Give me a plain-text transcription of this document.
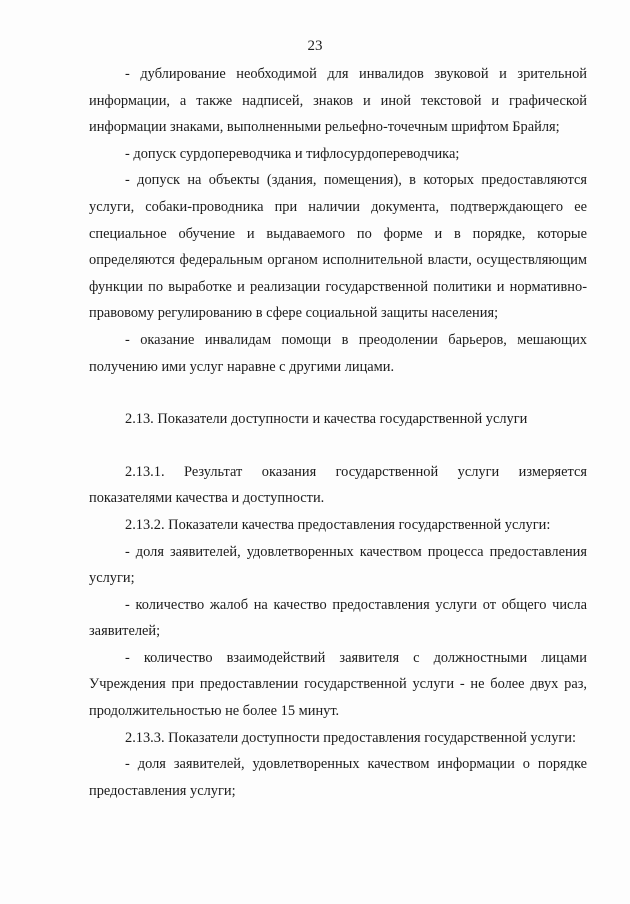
23

- дублирование необходимой для инвалидов звуковой и зрительной информации, а также надписей, знаков и иной текстовой и графической информации знаками, выполненными рельефно-точечным шрифтом Брайля;

- допуск сурдопереводчика и тифлосурдопереводчика;

- допуск на объекты (здания, помещения), в которых предоставляются услуги, собаки-проводника при наличии документа, подтверждающего ее специальное обучение и выдаваемого по форме и в порядке, которые определяются федеральным органом исполнительной власти, осуществляющим функции по выработке и реализации государственной политики и нормативно-правовому регулированию в сфере социальной защиты населения;

- оказание инвалидам помощи в преодолении барьеров, мешающих получению ими услуг наравне с другими лицами.

2.13. Показатели доступности и качества государственной услуги

2.13.1. Результат оказания государственной услуги измеряется показателями качества и доступности.

2.13.2. Показатели качества предоставления государственной услуги:

- доля заявителей, удовлетворенных качеством процесса предоставления услуги;

- количество жалоб на качество предоставления услуги от общего числа заявителей;

- количество взаимодействий заявителя с должностными лицами Учреждения при предоставлении государственной услуги - не более двух раз, продолжительностью не более 15 минут.

2.13.3. Показатели доступности предоставления государственной услуги:

- доля заявителей, удовлетворенных качеством информации о порядке предоставления услуги;
